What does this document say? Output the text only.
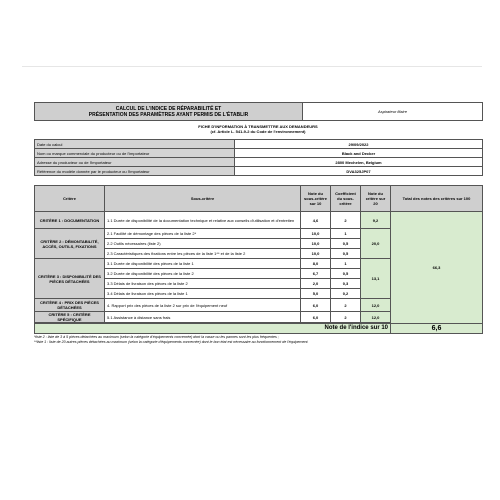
CALCUL DE L'INDICE DE RÉPARABILITÉ ET
PRÉSENTATION DES PARAMÈTRES AYANT PERMIS DE L'ÉTABLIR	Aspirateur filaire
FICHE D'INFORMATION À TRANSMETTRE AUX DEMANDEURS
(cf. Article L. 541-9-2 du Code de l'environnement)
Date du calcul	29/09/2022
Nom ou marque commerciale du producteur ou de l'importateur	Black and Decker
Adresse du producteur ou de l'importateur	2800 Mechelen, Belgium
Référence du modèle donnée par le producteur ou l'importateur	DVA325JP07
Critère	Sous-critère	Note du sous-critère sur 10	Coefficient du sous-critère	Note du critère sur 20	Total des notes des critères sur 100
CRITÈRE 1 : DOCUMENTATION	1.1 Durée de disponibilité de la documentation technique et relative aux conseils d'utilisation et d'entretien	4,6	2	9,2	66,3
CRITÈRE 2 : DÉMONTABILITÉ, ACCÈS, OUTILS, FIXATIONS	2.1 Facilité de démontage des pièces de la liste 2*	10,0	1	20,0	
	2.2 Outils nécessaires (liste 2)	10,0	0,5		
	2.3 Caractéristiques des fixations entre les pièces de la liste 1** et de la liste 2	10,0	0,5		
CRITÈRE 3 : DISPONIBILITÉ DES PIÈCES DÉTACHÉES	3.1 Durée de disponibilité des pièces de la liste 1	8,0	1	13,1	
	3.2 Durée de disponibilité des pièces de la liste 2	6,7	0,5		
	3.3 Délais de livraison des pièces de la liste 2	2,0	0,3		
	3.4 Délais de livraison des pièces de la liste 1	5,0	0,2		
CRITÈRE 4 : PRIX DES PIÈCES DÉTACHÉES	4. Rapport prix des pièces de la liste 2 sur prix de l'équipement neuf	6,0	2	12,0	
CRITÈRE 5 : CRITÈRE SPÉCIFIQUE	5.1 Assistance à distance sans frais	6,0	2	12,0	

Note de l'indice sur 10					6,6
*liste 2 : liste de 3 à 5 pièces détachées au maximum (selon la catégorie d'équipements concernée) dont la casse ou les pannes sont les plus fréquentes ;
**liste 1 : liste de 20 autres pièces détachées au maximum (selon la catégorie d'équipements concernée) dont le bon état est nécessaire au fonctionnement de l'équipement.
